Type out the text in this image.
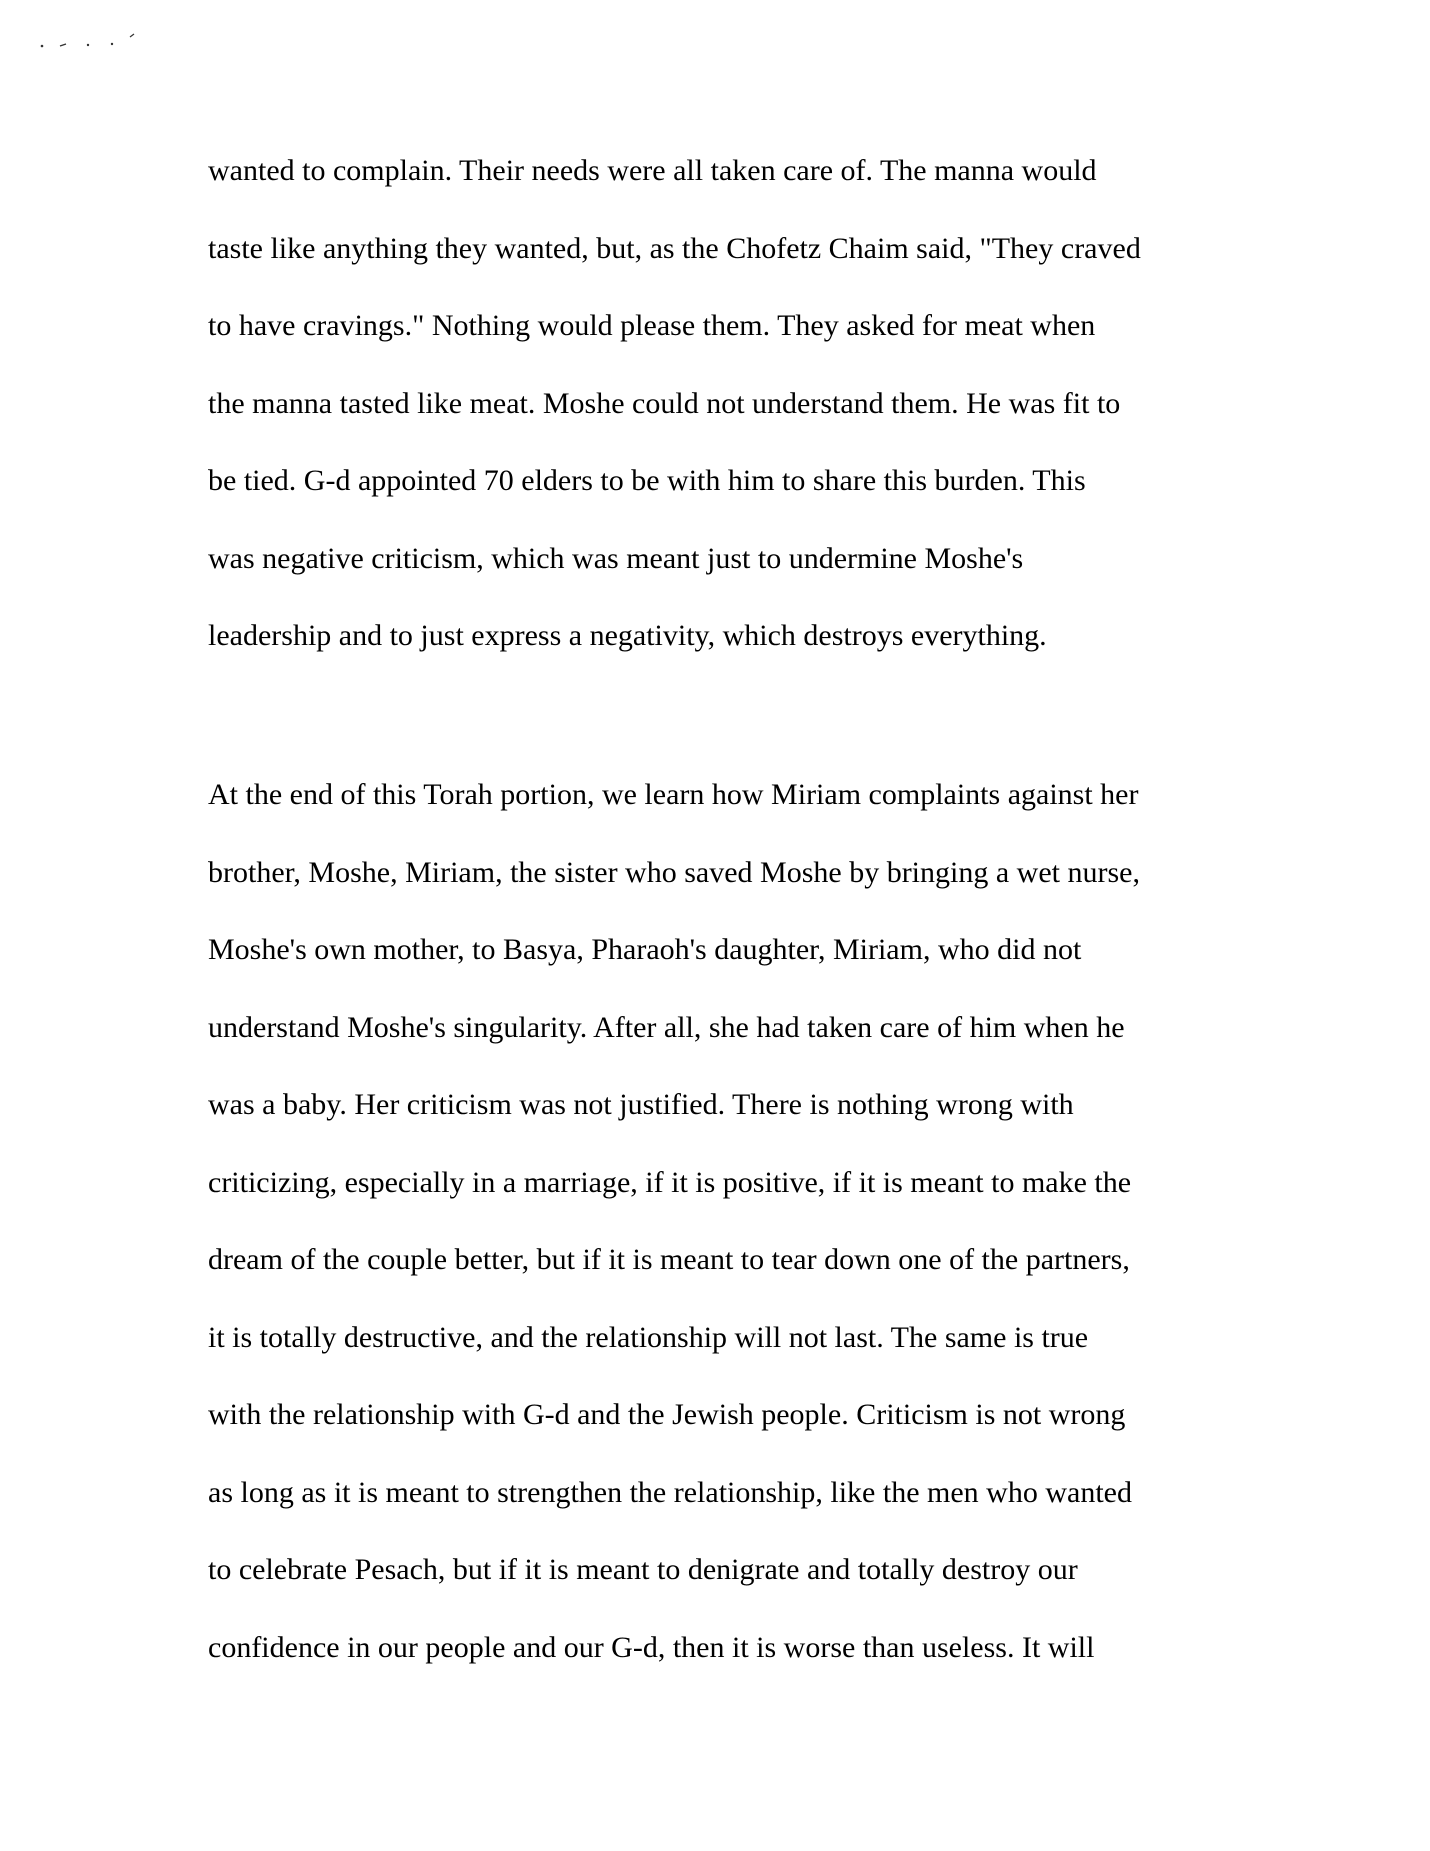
wanted to complain. Their needs were all taken care of. The manna would
taste like anything they wanted, but, as the Chofetz Chaim said, "They craved
to have cravings." Nothing would please them. They asked for meat when
the manna tasted like meat. Moshe could not understand them. He was fit to
be tied. G-d appointed 70 elders to be with him to share this burden. This
was negative criticism, which was meant just to undermine Moshe's
leadership and to just express a negativity, which destroys everything.
At the end of this Torah portion, we learn how Miriam complaints against her
brother, Moshe, Miriam, the sister who saved Moshe by bringing a wet nurse,
Moshe's own mother, to Basya, Pharaoh's daughter, Miriam, who did not
understand Moshe's singularity. After all, she had taken care of him when he
was a baby. Her criticism was not justified. There is nothing wrong with
criticizing, especially in a marriage, if it is positive, if it is meant to make the
dream of the couple better, but if it is meant to tear down one of the partners,
it is totally destructive, and the relationship will not last. The same is true
with the relationship with G-d and the Jewish people. Criticism is not wrong
as long as it is meant to strengthen the relationship, like the men who wanted
to celebrate Pesach, but if it is meant to denigrate and totally destroy our
confidence in our people and our G-d, then it is worse than useless. It will
